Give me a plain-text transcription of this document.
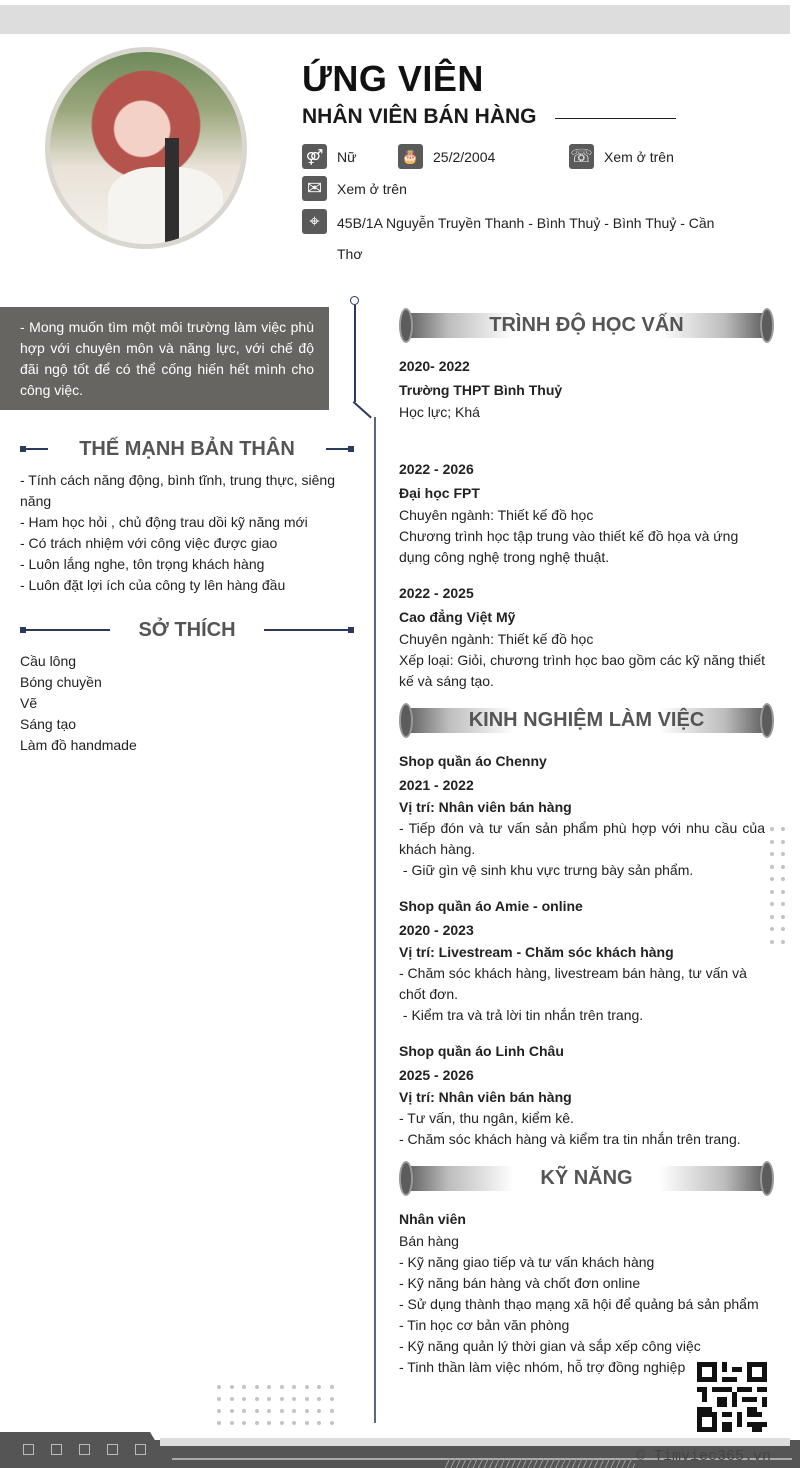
ỨNG VIÊN
NHÂN VIÊN BÁN HÀNG
⚤ Nữ	🎂	25/2/2004	☏ Xem ở trên
✉	Xem ở trên
⌖	45B/1A Nguyễn Truyền Thanh - Bình Thuỷ - Bình Thuỷ - Cần Thơ
- Mong muốn tìm một môi trường làm việc phù hợp với chuyên môn và năng lực, với chế độ đãi ngộ tốt để có thể cống hiến hết mình cho công việc.
THẾ MẠNH BẢN THÂN
- Tính cách năng động, bình tĩnh, trung thực, siêng năng
- Ham học hỏi , chủ động trau dồi kỹ năng mới
- Có trách nhiệm với công việc được giao
- Luôn lắng nghe, tôn trọng khách hàng
- Luôn đặt lợi ích của công ty lên hàng đầu
SỞ THÍCH
Cầu lông
Bóng chuyền
Vẽ
Sáng tạo
Làm đồ handmade
TRÌNH ĐỘ HỌC VẤN
2020- 2022
Trường THPT Bình Thuỷ
Học lực; Khá
2022 - 2026
Đại học FPT
Chuyên ngành: Thiết kế đồ học
Chương trình học tập trung vào thiết kế đồ họa và ứng dụng công nghệ trong nghệ thuật.
2022 - 2025
Cao đẳng Việt Mỹ
Chuyên ngành: Thiết kế đồ học
Xếp loại: Giỏi, chương trình học bao gồm các kỹ năng thiết kế và sáng tạo.
KINH NGHIỆM LÀM VIỆC
Shop quần áo Chenny
2021 - 2022
Vị trí: Nhân viên bán hàng
- Tiếp đón và tư vấn sản phẩm phù hợp với nhu cầu của khách hàng.
- Giữ gìn vệ sinh khu vực trưng bày sản phẩm.
Shop quần áo Amie - online
2020 - 2023
Vị trí: Livestream - Chăm sóc khách hàng
- Chăm sóc khách hàng, livestream bán hàng, tư vấn và chốt đơn.
- Kiểm tra và trả lời tin nhắn trên trang.
Shop quần áo Linh Châu
2025 - 2026
Vị trí: Nhân viên bán hàng
- Tư vấn, thu ngân, kiểm kê.
- Chăm sóc khách hàng và kiểm tra tin nhắn trên trang.
KỸ NĂNG
Nhân viên
Bán hàng
- Kỹ năng giao tiếp và tư vấn khách hàng
- Kỹ năng bán hàng và chốt đơn online
- Sử dụng thành thạo mạng xã hội để quảng bá sản phẩm
- Tin học cơ bản văn phòng
- Kỹ năng quản lý thời gian và sắp xếp công việc
- Tinh thần làm việc nhóm, hỗ trợ đồng nghiệp
© Timviec365.vn
